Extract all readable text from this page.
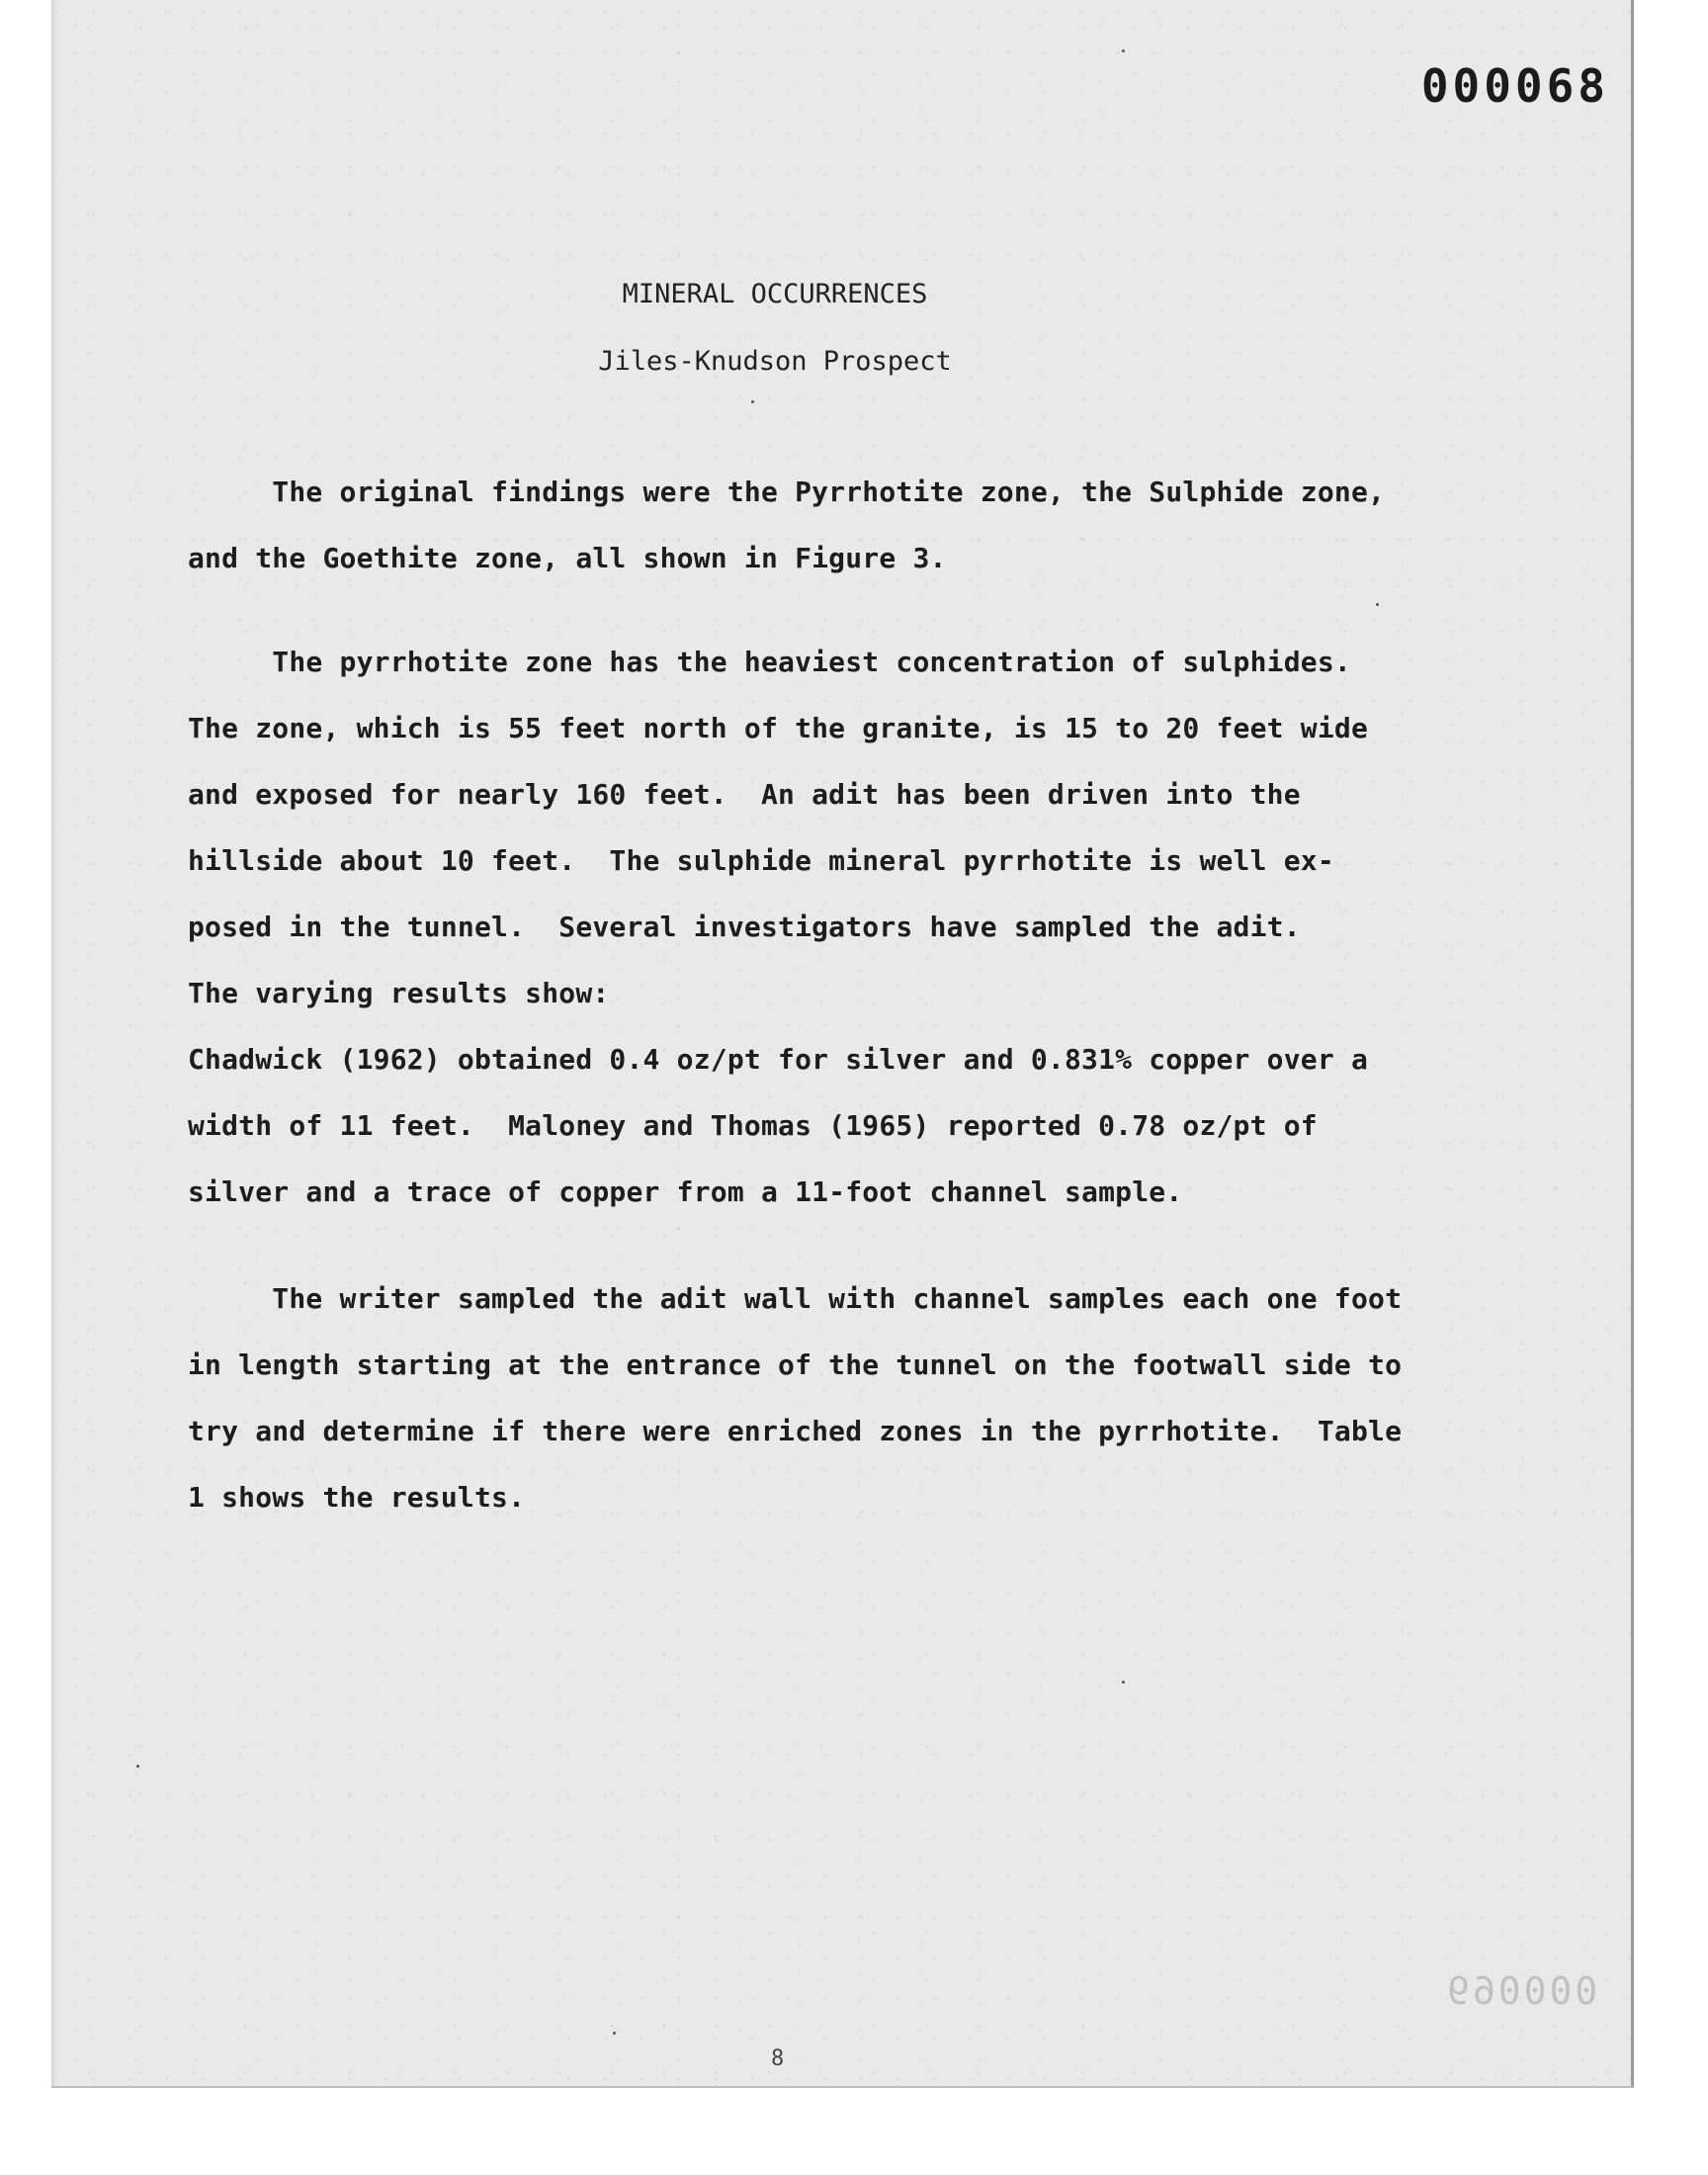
000068
000069
8
MINERAL OCCURRENCES
Jiles-Knudson Prospect
The original findings were the Pyrrhotite zone, the Sulphide zone,
and the Goethite zone, all shown in Figure 3.
The pyrrhotite zone has the heaviest concentration of sulphides.
The zone, which is 55 feet north of the granite, is 15 to 20 feet wide
and exposed for nearly 160 feet.  An adit has been driven into the
hillside about 10 feet.  The sulphide mineral pyrrhotite is well ex-
posed in the tunnel.  Several investigators have sampled the adit.
The varying results show:
Chadwick (1962) obtained 0.4 oz/pt for silver and 0.831% copper over a
width of 11 feet.  Maloney and Thomas (1965) reported 0.78 oz/pt of
silver and a trace of copper from a 11-foot channel sample.
The writer sampled the adit wall with channel samples each one foot
in length starting at the entrance of the tunnel on the footwall side to
try and determine if there were enriched zones in the pyrrhotite.  Table
1 shows the results.
